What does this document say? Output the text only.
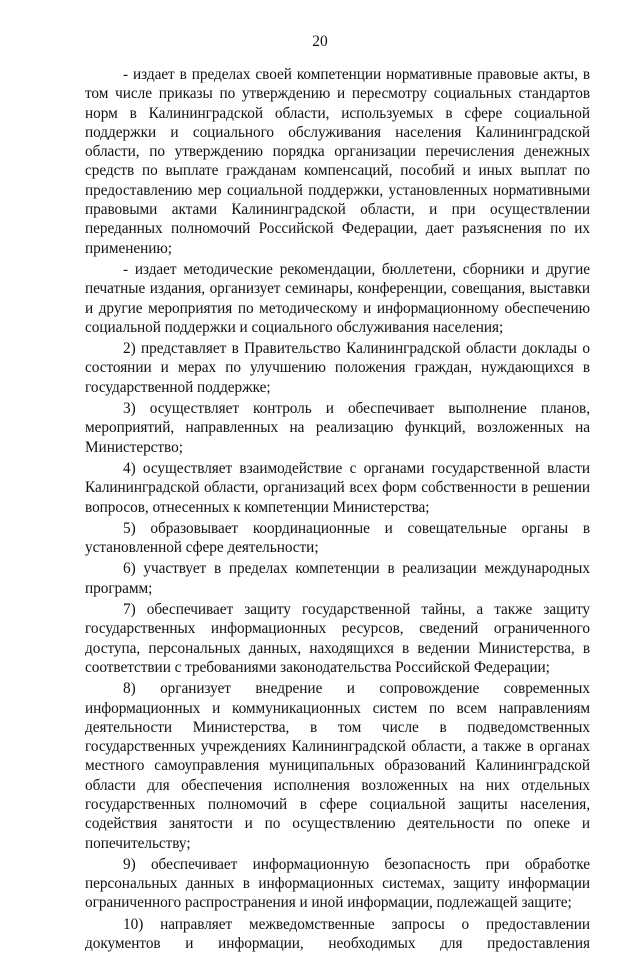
20

- издает в пределах своей компетенции нормативные правовые акты, в том числе приказы по утверждению и пересмотру социальных стандартов норм в Калининградской области, используемых в сфере социальной поддержки и социального обслуживания населения Калининградской области, по утверждению порядка организации перечисления денежных средств по выплате гражданам компенсаций, пособий и иных выплат по предоставлению мер социальной поддержки, установленных нормативными правовыми актами Калининградской области, и при осуществлении переданных полномочий Российской Федерации, дает разъяснения по их применению;

- издает методические рекомендации, бюллетени, сборники и другие печатные издания, организует семинары, конференции, совещания, выставки и другие мероприятия по методическому и информационному обеспечению социальной поддержки и социального обслуживания населения;

2) представляет в Правительство Калининградской области доклады о состоянии и мерах по улучшению положения граждан, нуждающихся в государственной поддержке;

3) осуществляет контроль и обеспечивает выполнение планов, мероприятий, направленных на реализацию функций, возложенных на Министерство;

4) осуществляет взаимодействие с органами государственной власти Калининградской области, организаций всех форм собственности в решении вопросов, отнесенных к компетенции Министерства;

5) образовывает координационные и совещательные органы в установленной сфере деятельности;

6) участвует в пределах компетенции в реализации международных программ;

7) обеспечивает защиту государственной тайны, а также защиту государственных информационных ресурсов, сведений ограниченного доступа, персональных данных, находящихся в ведении Министерства, в соответствии с требованиями законодательства Российской Федерации;

8) организует внедрение и сопровождение современных информационных и коммуникационных систем по всем направлениям деятельности Министерства, в том числе в подведомственных государственных учреждениях Калининградской области, а также в органах местного самоуправления муниципальных образований Калининградской области для обеспечения исполнения возложенных на них отдельных государственных полномочий в сфере социальной защиты населения, содействия занятости и по осуществлению деятельности по опеке и попечительству;

9) обеспечивает информационную безопасность при обработке персональных данных в информационных системах, защиту информации ограниченного распространения и иной информации, подлежащей защите;

10) направляет межведомственные запросы о предоставлении документов и информации, необходимых для предоставления
